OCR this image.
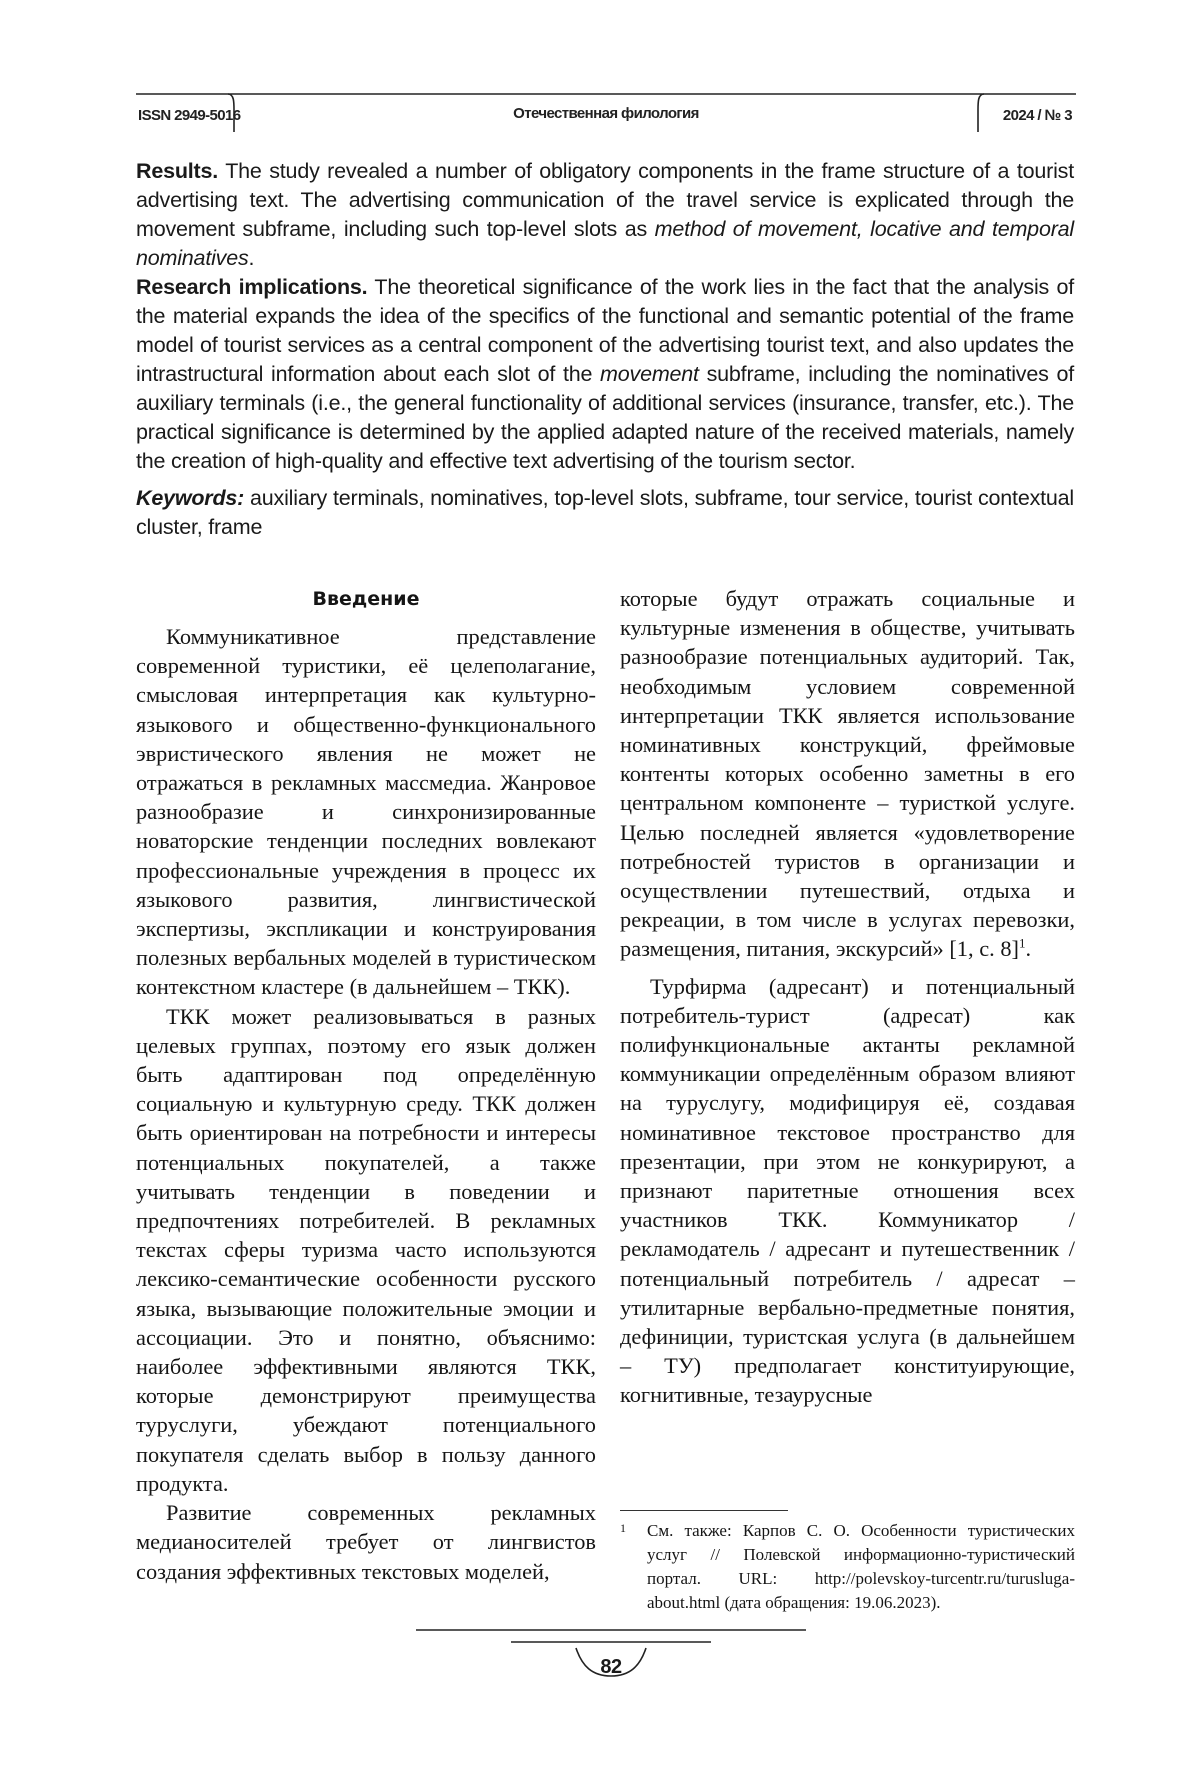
ISSN 2949-5016	Отечественная филология	2024 / № 3

Results. The study revealed a number of obligatory components in the frame structure of a tourist advertising text. The advertising communication of the travel service is explicated through the movement subframe, including such top-level slots as method of movement, locative and temporal nominatives.

Research implications. The theoretical significance of the work lies in the fact that the analysis of the material expands the idea of the specifics of the functional and semantic potential of the frame model of tourist services as a central component of the advertising tourist text, and also updates the intrastructural information about each slot of the movement subframe, including the nominatives of auxiliary terminals (i.e., the general functionality of additional services (insurance, transfer, etc.). The practical significance is determined by the applied adapted nature of the received materials, namely the creation of high-quality and effective text advertising of the tourism sector.

Keywords: auxiliary terminals, nominatives, top-level slots, subframe, tour service, tourist contextual cluster, frame

Введение

Коммуникативное представление современной туристики, её целеполагание, смысловая интерпретация как культурно-языкового и общественно-функционального эвристического явления не может не отражаться в рекламных массмедиа. Жанровое разнообразие и синхронизированные новаторские тенденции последних вовлекают профессиональные учреждения в процесс их языкового развития, лингвистической экспертизы, экспликации и конструирования полезных вербальных моделей в туристическом контекстном кластере (в дальнейшем – ТКК).

ТКК может реализовываться в разных целевых группах, поэтому его язык должен быть адаптирован под определённую социальную и культурную среду. ТКК должен быть ориентирован на потребности и интересы потенциальных покупателей, а также учитывать тенденции в поведении и предпочтениях потребителей. В рекламных текстах сферы туризма часто используются лексико-семантические особенности русского языка, вызывающие положительные эмоции и ассоциации. Это и понятно, объяснимо: наиболее эффективными являются ТКК, которые демонстрируют преимущества туруслуги, убеждают потенциального покупателя сделать выбор в пользу данного продукта.

Развитие современных рекламных медианосителей требует от лингвистов создания эффективных текстовых моделей,

которые будут отражать социальные и культурные изменения в обществе, учитывать разнообразие потенциальных аудиторий. Так, необходимым условием современной интерпретации ТКК является использование номинативных конструкций, фреймовые контенты которых особенно заметны в его центральном компоненте – туристкой услуге. Целью последней является «удовлетворение потребностей туристов в организации и осуществлении путешествий, отдыха и рекреации, в том числе в услугах перевозки, размещения, питания, экскурсий» [1, с. 8]$^1$.

Турфирма (адресант) и потенциальный потребитель-турист (адресат) как полифункциональные актанты рекламной коммуникации определённым образом влияют на туруслугу, модифицируя её, создавая номинативное текстовое пространство для презентации, при этом не конкурируют, а признают паритетные отношения всех участников ТКК. Коммуникатор / рекламодатель / адресант и путешественник / потенциальный потребитель / адресат – утилитарные вербально-предметные понятия, дефиниции, туристская услуга (в дальнейшем – ТУ) предполагает конституирующие, когнитивные, тезаурусные

1	См. также: Карпов С. О. Особенности туристических услуг // Полевской информационно-туристический портал. URL: http://polevskoy-turcentr.ru/turusluga-about.html (дата обращения: 19.06.2023).
82
